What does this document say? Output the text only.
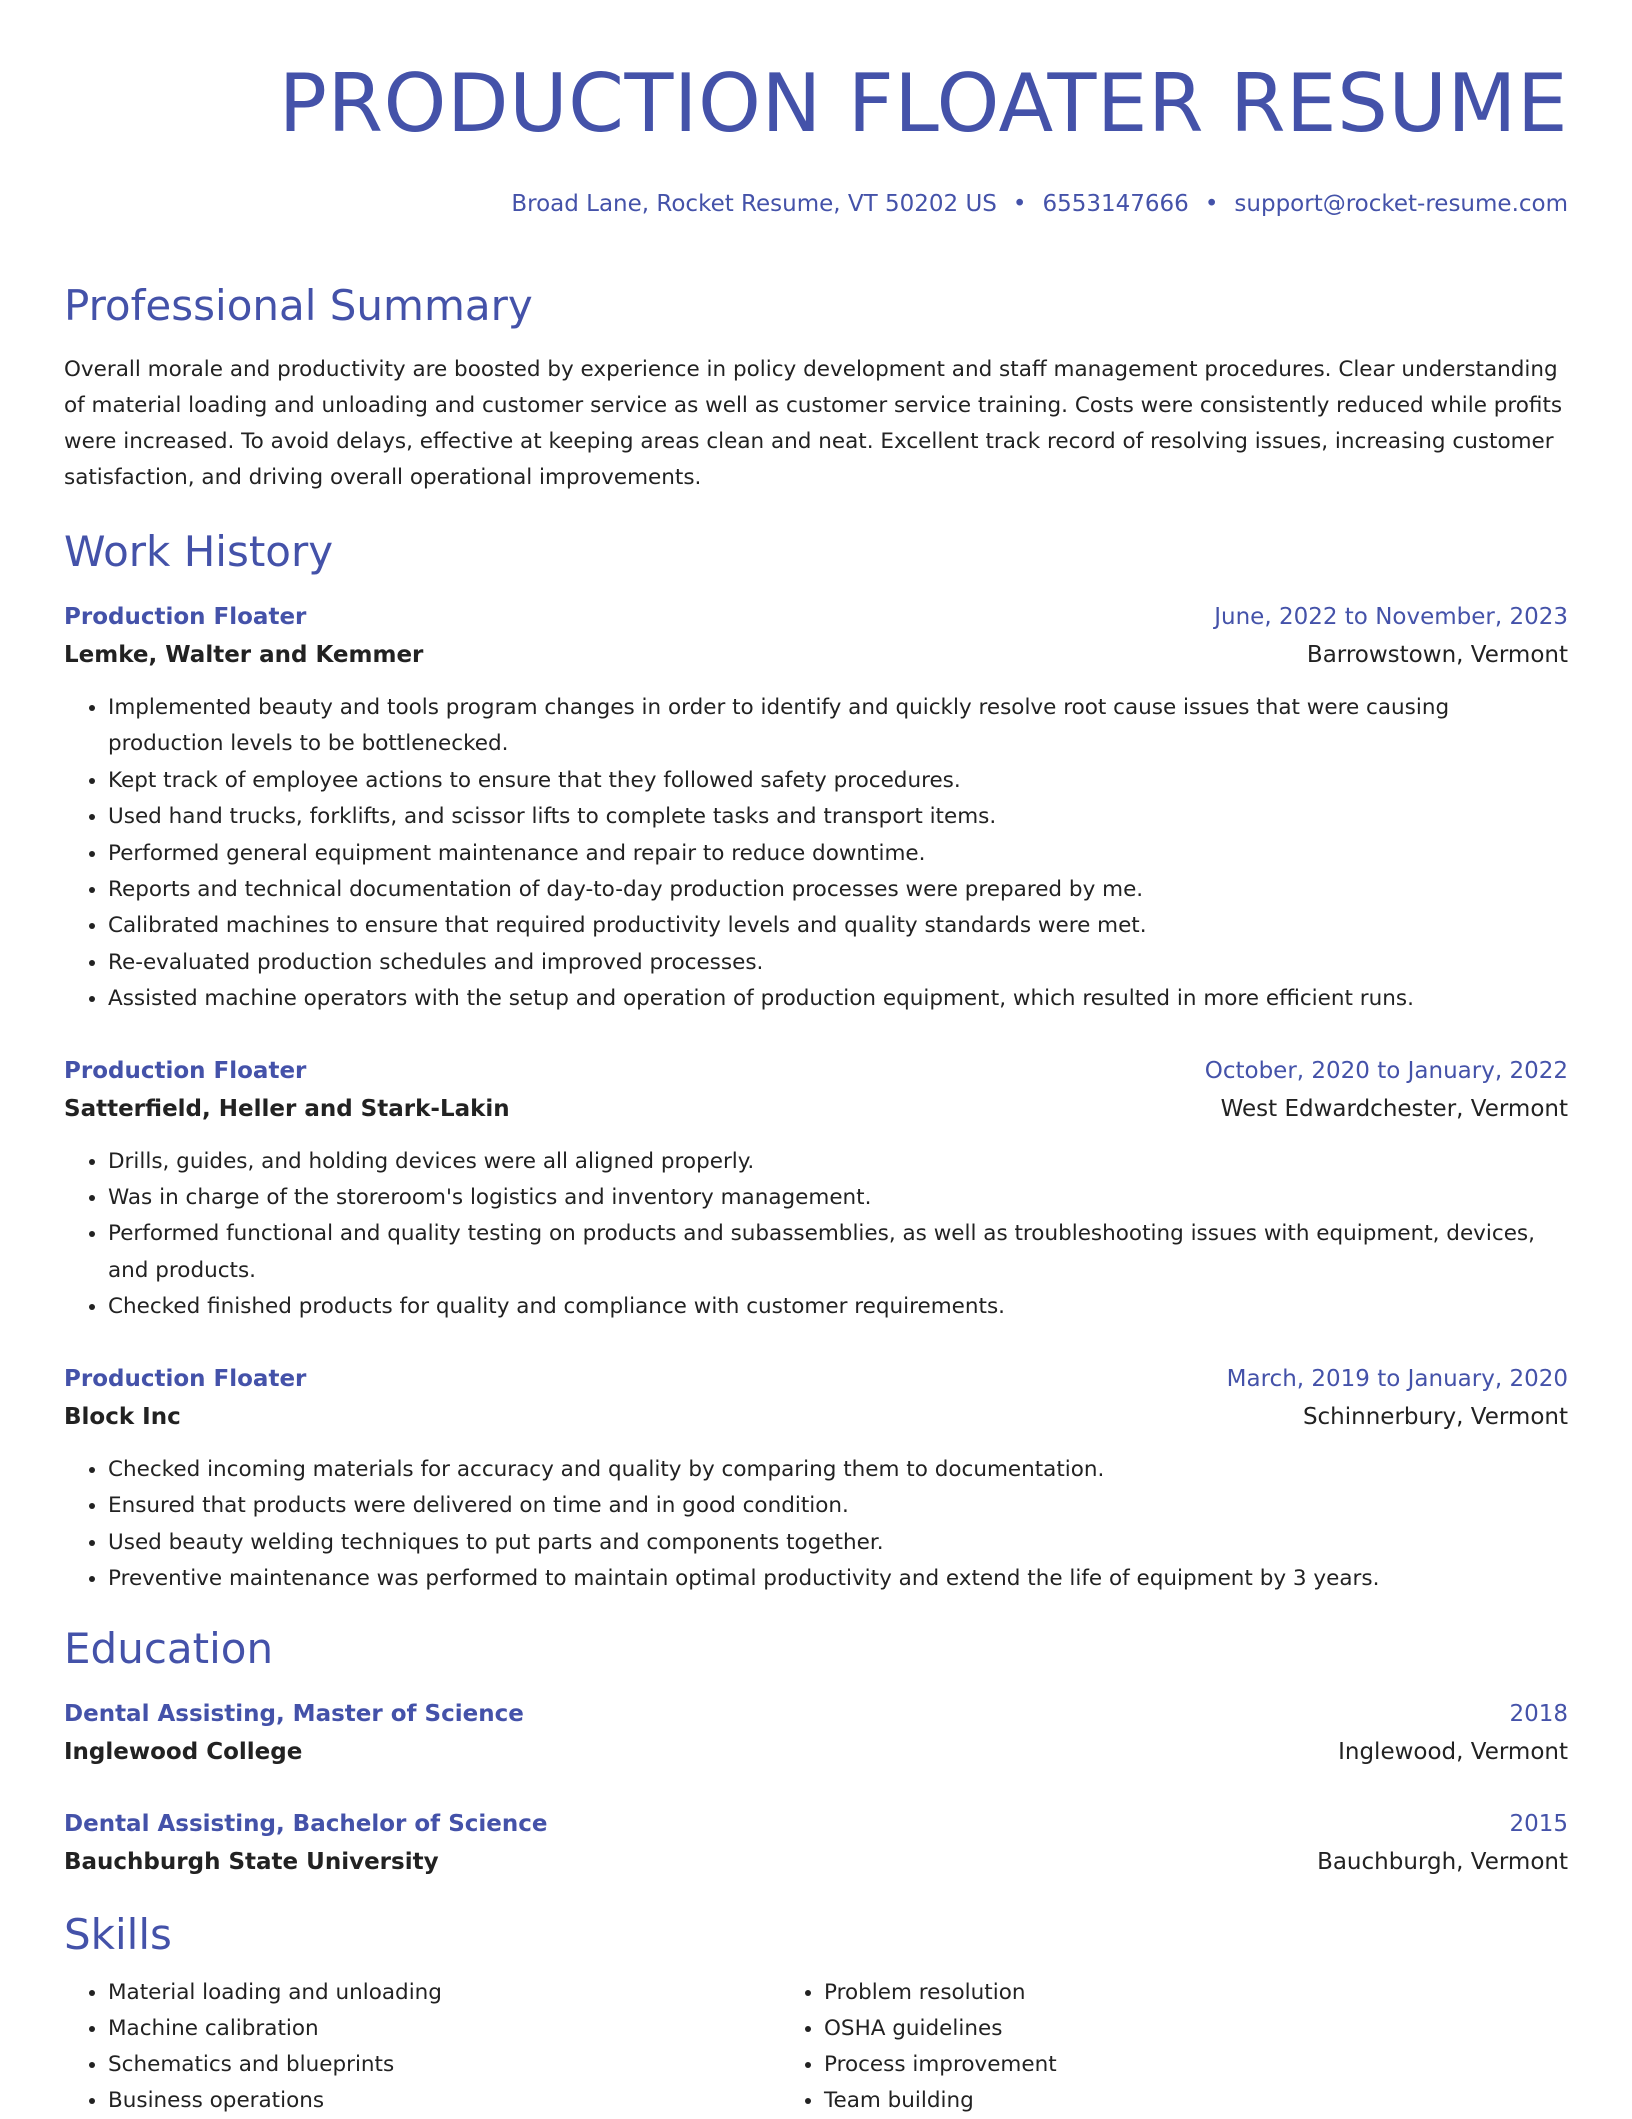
PRODUCTION FLOATER RESUME
Broad Lane, Rocket Resume, VT 50202 US • 6553147666 • support@rocket-resume.com
Professional Summary
Overall morale and productivity are boosted by experience in policy development and staff management procedures. Clear understanding of material loading and unloading and customer service as well as customer service training. Costs were consistently reduced while profits were increased. To avoid delays, effective at keeping areas clean and neat. Excellent track record of resolving issues, increasing customer satisfaction, and driving overall operational improvements.
Work History
Production Floater	June, 2022 to November, 2023
Lemke, Walter and Kemmer	Barrowstown, Vermont
• Implemented beauty and tools program changes in order to identify and quickly resolve root cause issues that were causing production levels to be bottlenecked.
• Kept track of employee actions to ensure that they followed safety procedures.
• Used hand trucks, forklifts, and scissor lifts to complete tasks and transport items.
• Performed general equipment maintenance and repair to reduce downtime.
• Reports and technical documentation of day-to-day production processes were prepared by me.
• Calibrated machines to ensure that required productivity levels and quality standards were met.
• Re-evaluated production schedules and improved processes.
• Assisted machine operators with the setup and operation of production equipment, which resulted in more efficient runs.
Production Floater	October, 2020 to January, 2022
Satterfield, Heller and Stark-Lakin	West Edwardchester, Vermont
• Drills, guides, and holding devices were all aligned properly.
• Was in charge of the storeroom's logistics and inventory management.
• Performed functional and quality testing on products and subassemblies, as well as troubleshooting issues with equipment, devices, and products.
• Checked finished products for quality and compliance with customer requirements.
Production Floater	March, 2019 to January, 2020
Block Inc	Schinnerbury, Vermont
• Checked incoming materials for accuracy and quality by comparing them to documentation.
• Ensured that products were delivered on time and in good condition.
• Used beauty welding techniques to put parts and components together.
• Preventive maintenance was performed to maintain optimal productivity and extend the life of equipment by 3 years.
Education
Dental Assisting, Master of Science	2018
Inglewood College	Inglewood, Vermont
Dental Assisting, Bachelor of Science	2015
Bauchburgh State University	Bauchburgh, Vermont
Skills
• Material loading and unloading
• Machine calibration
• Schematics and blueprints
• Business operations
• Problem resolution
• OSHA guidelines
• Process improvement
• Team building
